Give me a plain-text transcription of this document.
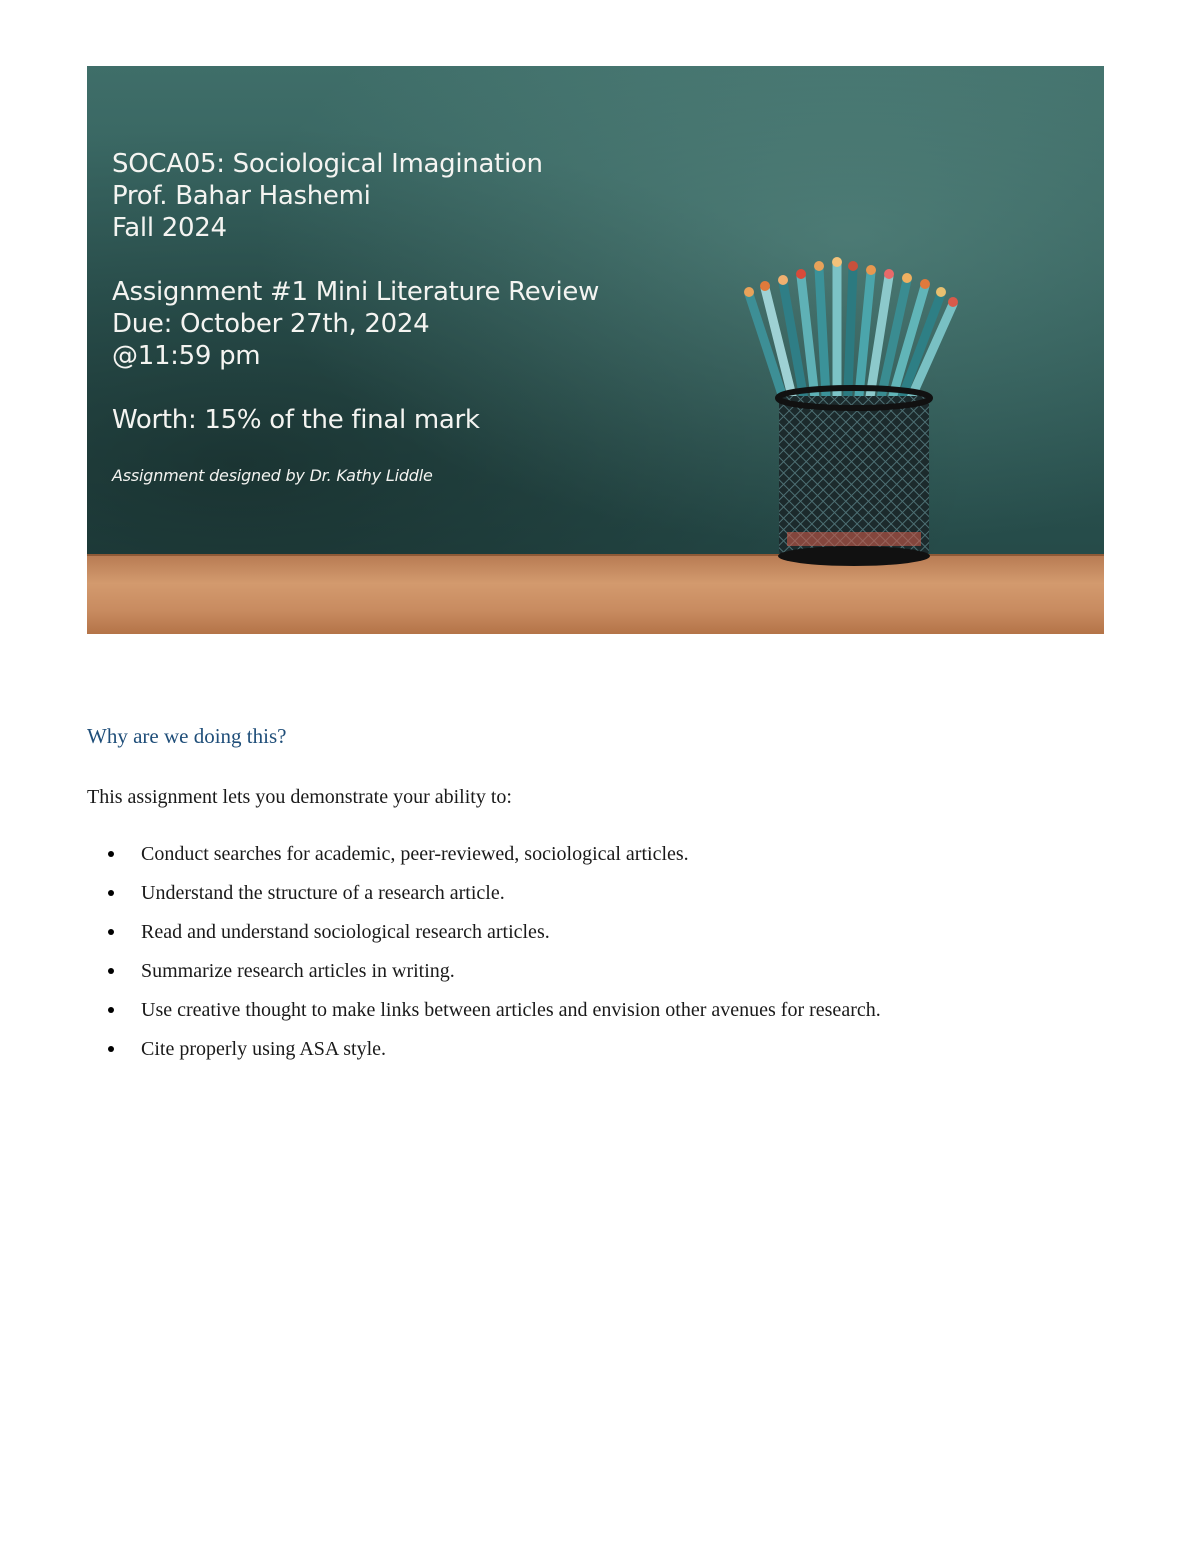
SOCA05: Sociological Imagination
Prof. Bahar Hashemi
Fall 2024
Assignment #1 Mini Literature Review
Due: October 27th, 2024
@11:59 pm
Worth: 15% of the final mark
Assignment designed by Dr. Kathy Liddle
Why are we doing this?

This assignment lets you demonstrate your ability to:

Conduct searches for academic, peer-reviewed, sociological articles.
Understand the structure of a research article.
Read and understand sociological research articles.
Summarize research articles in writing.
Use creative thought to make links between articles and envision other avenues for research.
Cite properly using ASA style.
